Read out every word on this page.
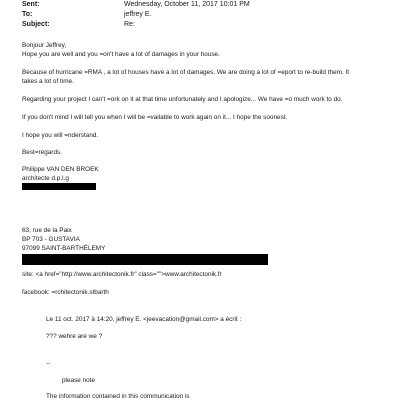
Sent:	Wednesday, October 11, 2017 10:01 PM
To:	jeffrey E.
Subject:	Re:
Bonjour Jeffrey,
Hope you are well and you =on't have a lot of damages in your house.
Because of hurricane =RMA , a lot of houses have a lot of damages. We are doing a lot of =eport to re-build them. It
takes a lot of time.
Regarding your project I can't =ork on it at that time unfortunately and I apologize... We have =o much work to do.
If you don't mind I will tell you when I will be =vailable to work again on it... I hope the soonest.
I hope you will =nderstand.
Best=regards.
Philippe VAN DEN BROEK
architecte d.p.l.g
63, rue de la Paix
BP 703 - GUSTAVIA
97099 SAINT-BARTHÉLEMY
site: <a href="http://www.architectonik.fr" class="">www.architectonik.fr
facebook: =rchitectonik.stbarth
Le 11 oct. 2017 à 14:20, jeffrey E. <jeevacation@gmail.com> a écrit :
??? wehre are we ?
--
please note
The information contained in this communication is
